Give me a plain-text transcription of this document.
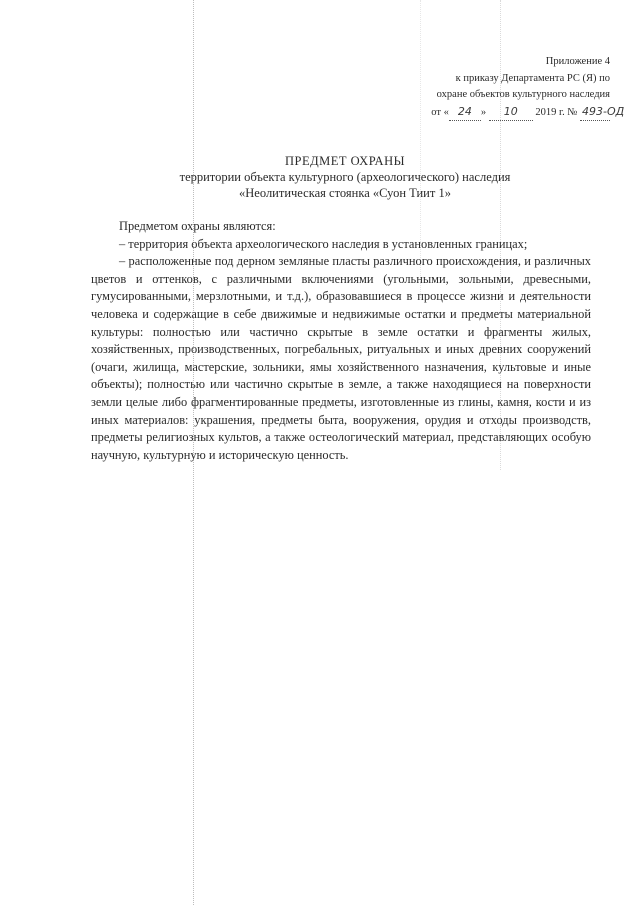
Приложение 4
к приказу Департамента РС (Я) по
охране объектов культурного наследия
от « 24 » 10 2019 г. № 493-ОД
ПРЕДМЕТ ОХРАНЫ
территории объекта культурного (археологического) наследия
«Неолитическая стоянка «Суон Тиит 1»

Предметом охраны являются:

– территория объекта археологического наследия в установленных границах;

– расположенные под дерном земляные пласты различного происхождения, и различных цветов и оттенков, с различными включениями (угольными, зольными, древесными, гумусированными, мерзлотными, и т.д.), образовавшиеся в процессе жизни и деятельности человека и содержащие в себе движимые и недвижимые остатки и предметы материальной культуры: полностью или частично скрытые в земле остатки и фрагменты жилых, хозяйственных, производственных, погребальных, ритуальных и иных древних сооружений (очаги, жилища, мастерские, зольники, ямы хозяйственного назначения, культовые и иные объекты); полностью или частично скрытые в земле, а также находящиеся на поверхности земли целые либо фрагментированные предметы, изготовленные из глины, камня, кости и из иных материалов: украшения, предметы быта, вооружения, орудия и отходы производств, предметы религиозных культов, а также остеологический материал, представляющих особую научную, культурную и историческую ценность.
